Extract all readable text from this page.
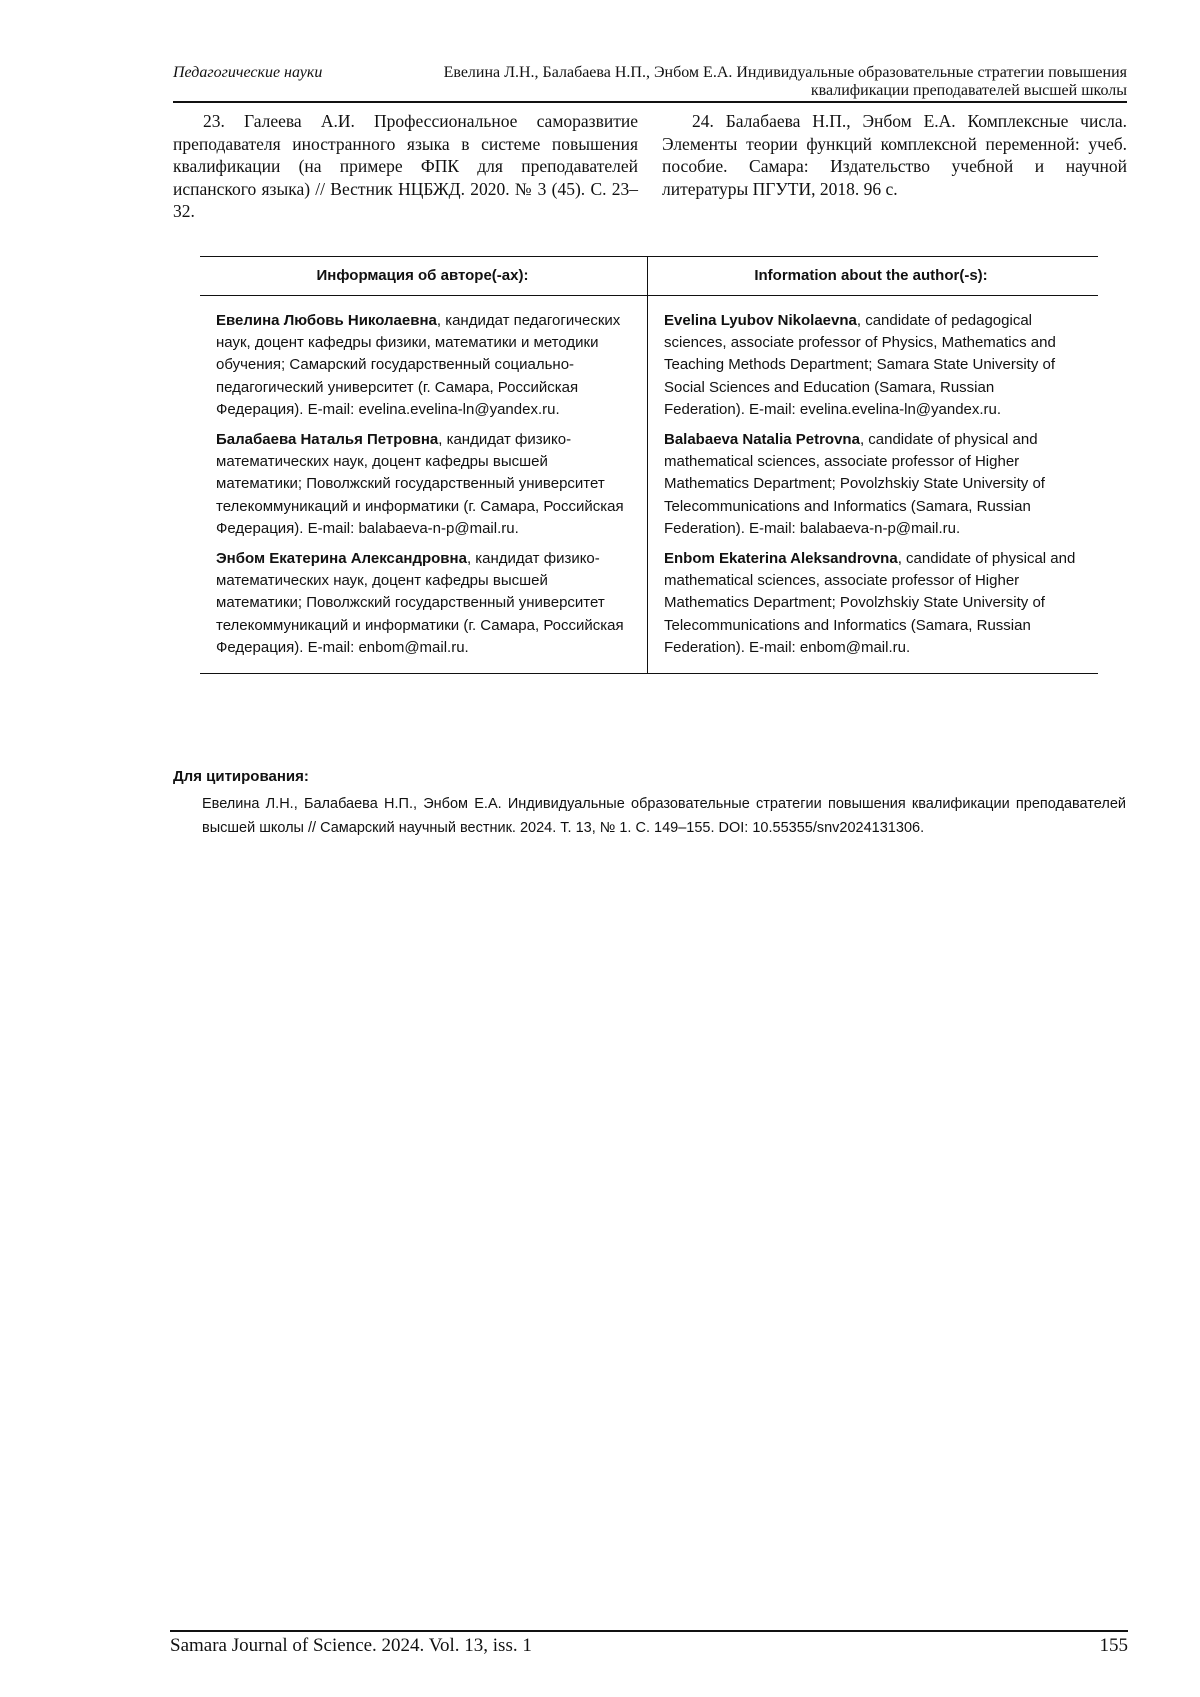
Педагогические науки	Евелина Л.Н., Балабаева Н.П., Энбом Е.А. Индивидуальные образовательные стратегии повышения квалификации преподавателей высшей школы

23. Галеева А.И. Профессиональное саморазвитие преподавателя иностранного языка в системе повышения квалификации (на примере ФПК для преподавателей испанского языка) // Вестник НЦБЖД. 2020. № 3 (45). С. 23–32.

24. Балабаева Н.П., Энбом Е.А. Комплексные числа. Элементы теории функций комплексной переменной: учеб. пособие. Самара: Издательство учебной и научной литературы ПГУТИ, 2018. 96 с.

Информация об авторе(-ах):	Information about the author(-s):

Евелина Любовь Николаевна, кандидат педагогических наук, доцент кафедры физики, математики и методики обучения; Самарский государственный социально-педагогический университет (г. Самара, Российская Федерация). E-mail: evelina.evelina-ln@yandex.ru.

Балабаева Наталья Петровна, кандидат физико-математических наук, доцент кафедры высшей математики; Поволжский государственный университет телекоммуникаций и информатики (г. Самара, Российская Федерация). E-mail: balabaeva-n-p@mail.ru.

Энбом Екатерина Александровна, кандидат физико-математических наук, доцент кафедры высшей математики; Поволжский государственный университет телекоммуникаций и информатики (г. Самара, Российская Федерация). E-mail: enbom@mail.ru.

Evelina Lyubov Nikolaevna, candidate of pedagogical sciences, associate professor of Physics, Mathematics and Teaching Methods Department; Samara State University of Social Sciences and Education (Samara, Russian Federation). E-mail: evelina.evelina-ln@yandex.ru.

Balabaeva Natalia Petrovna, candidate of physical and mathematical sciences, associate professor of Higher Mathematics Department; Povolzhskiy State University of Telecommunications and Informatics (Samara, Russian Federation). E-mail: balabaeva-n-p@mail.ru.

Enbom Ekaterina Aleksandrovna, candidate of physical and mathematical sciences, associate professor of Higher Mathematics Department; Povolzhskiy State University of Telecommunications and Informatics (Samara, Russian Federation). E-mail: enbom@mail.ru.

Для цитирования:
Евелина Л.Н., Балабаева Н.П., Энбом Е.А. Индивидуальные образовательные стратегии повышения квалификации преподавателей высшей школы // Самарский научный вестник. 2024. Т. 13, № 1. С. 149–155. DOI: 10.55355/snv2024131306.
Samara Journal of Science. 2024. Vol. 13, iss. 1	155
